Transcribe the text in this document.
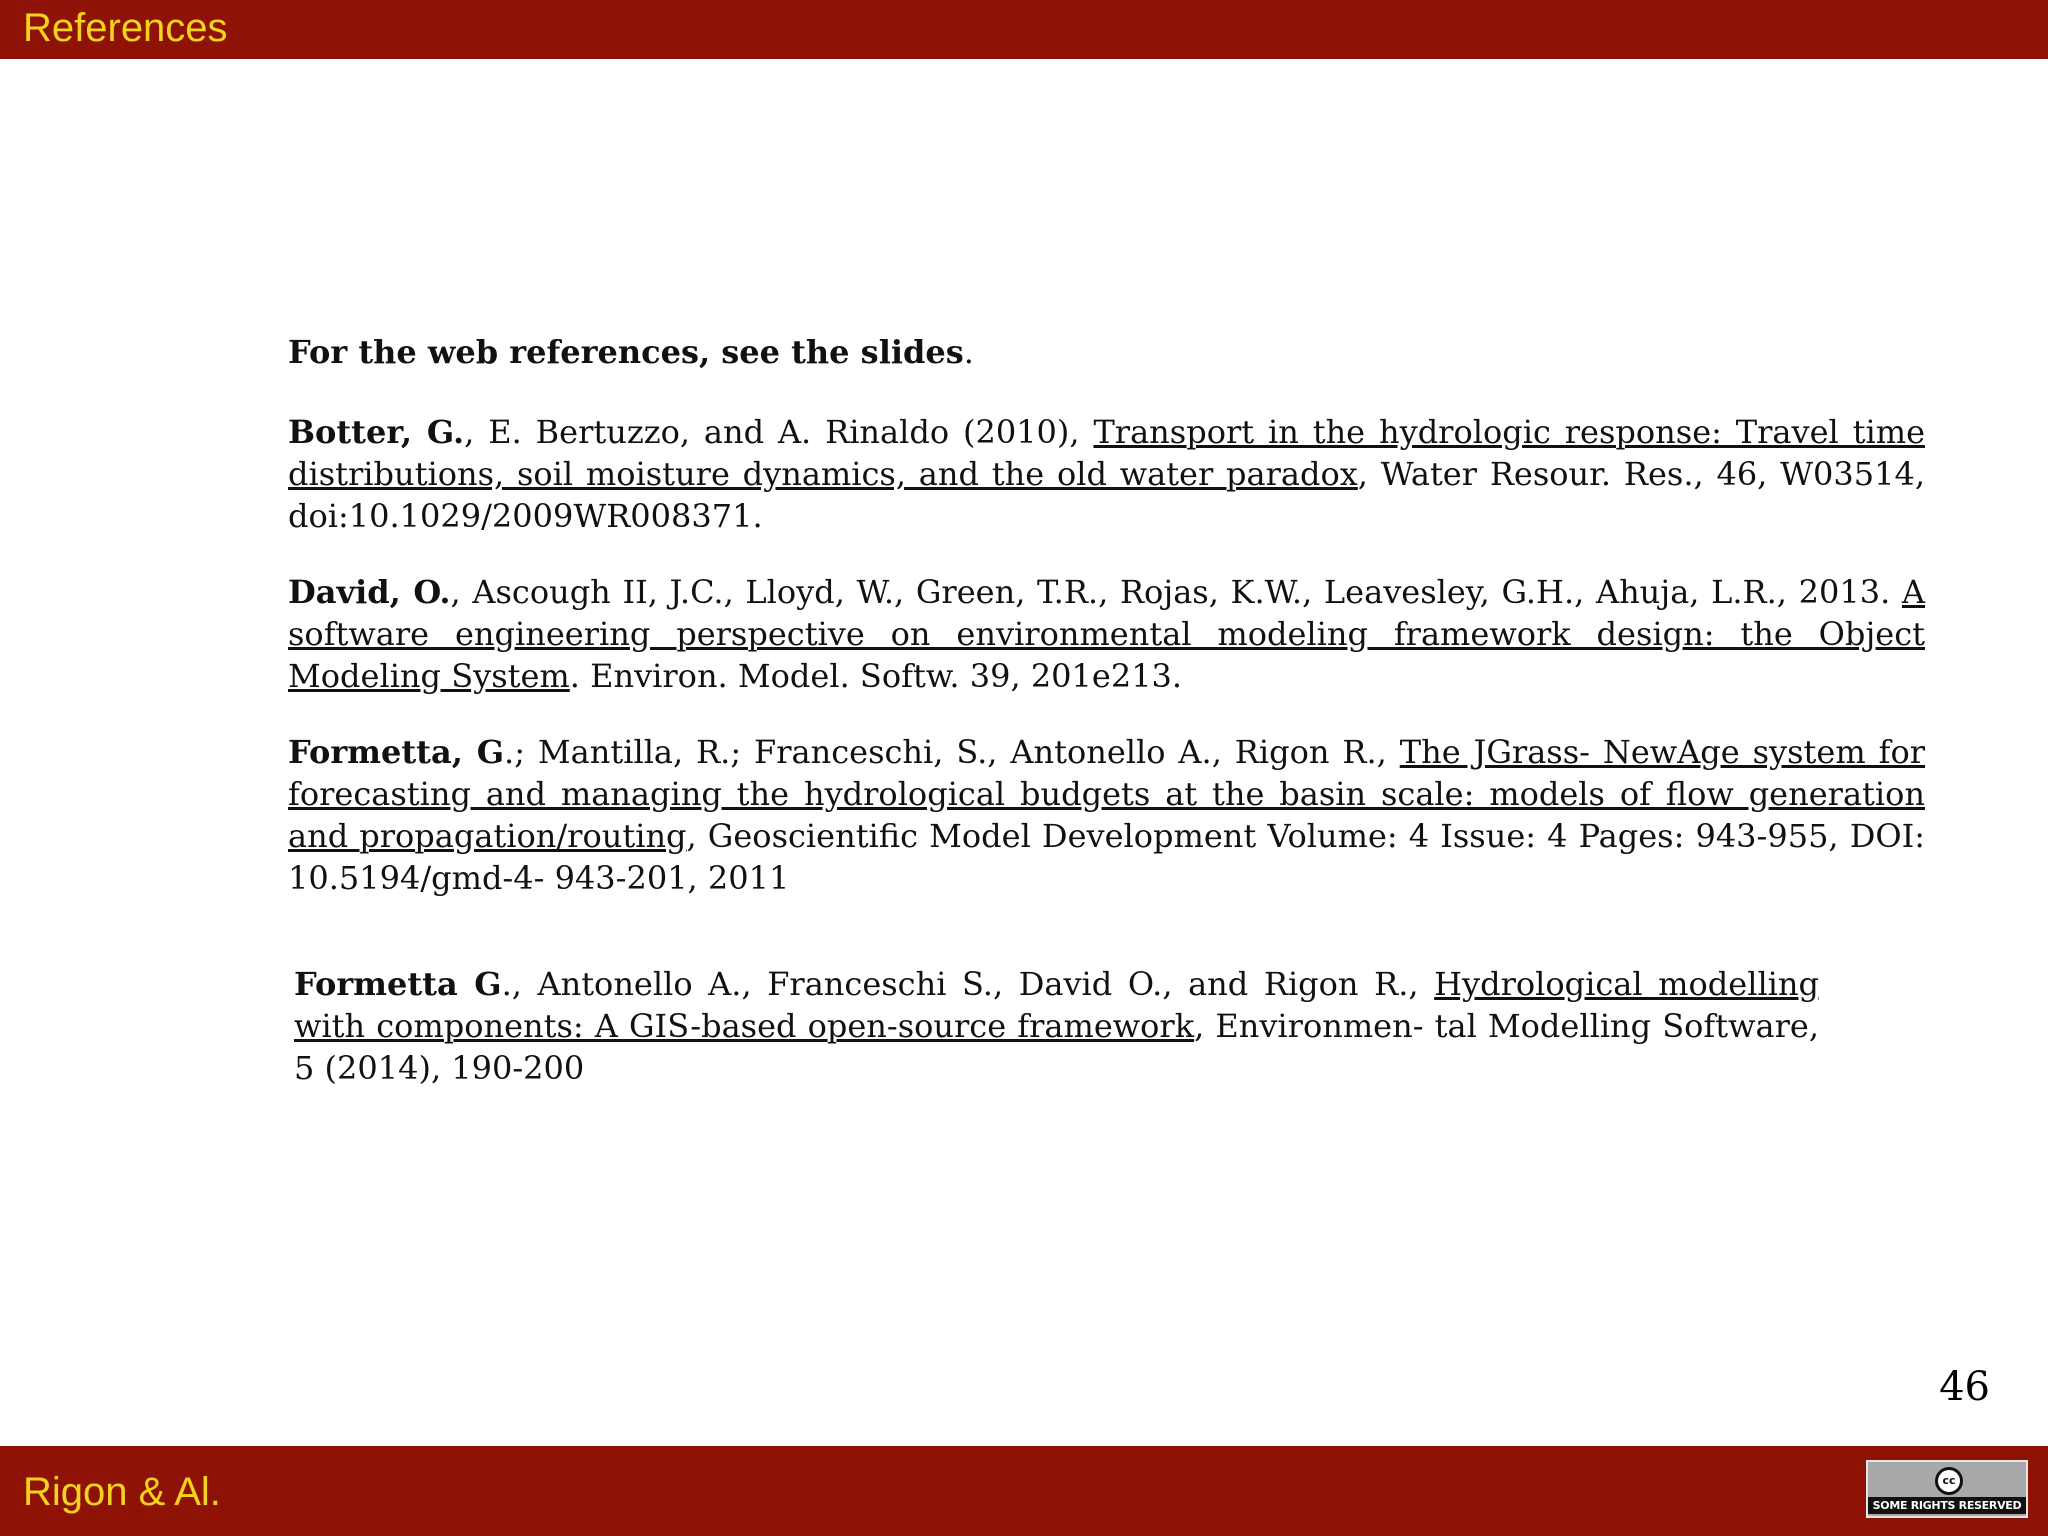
References

For the web references, see the slides.

Botter, G., E. Bertuzzo, and A. Rinaldo (2010), Transport in the hydrologic response: Travel time distributions, soil moisture dynamics, and the old water paradox, Water Resour. Res., 46, W03514, doi:10.1029/2009WR008371.

David, O., Ascough II, J.C., Lloyd, W., Green, T.R., Rojas, K.W., Leavesley, G.H., Ahuja, L.R., 2013. A software engineering perspective on environmental modeling framework design: the Object Modeling System. Environ. Model. Softw. 39, 201e213.

Formetta, G.; Mantilla, R.; Franceschi, S., Antonello A., Rigon R., The JGrass- NewAge system for forecasting and managing the hydrological budgets at the basin scale: models of flow generation and propagation/routing, Geoscientific Model Development Volume: 4 Issue: 4 Pages: 943-955, DOI: 10.5194/gmd-4- 943-201, 2011

Formetta G., Antonello A., Franceschi S., David O., and Rigon R., Hydrological modelling with components: A GIS-based open-source framework, Environmen- tal Modelling Software, 5 (2014), 190-200

46
Rigon & Al.	cc
SOME RIGHTS RESERVED
